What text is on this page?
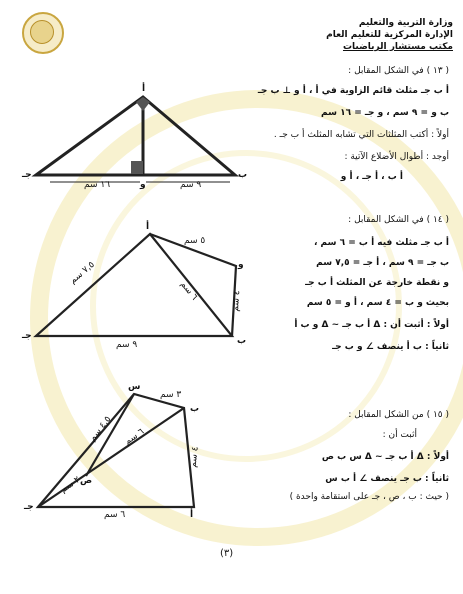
وزارة التربية والتعليم
الإدارة المركزية للتعليم العام
مكتب مستشار الرياضيات
( ١٣ ) في الشكل المقابل :
أ ب جـ مثلث قائم الزاوية في أ ، أ و ⊥ ب جـ
ب و = ٩ سم ، و جـ = ١٦ سم
أولاً : أكتب المثلثات التي تشابه المثلث أ ب جـ .
أوجد : أطوال الأضلاع الآتية :
أ ب ، أ جـ ، أ و
أ
جـ	ب
و
١٦ سم	٩ سم
( ١٤ ) في الشكل المقابل :
أ ب جـ مثلث فيه أ ب = ٦ سم ،
ب جـ = ٩ سم ، أ جـ = ٧,٥ سم
و نقطة خارجة عن المثلث أ ب جـ
بحيث و ب = ٤ سم ، أ و = ٥ سم
أولاً : أثبت أن : Δ أ ب جـ ~ Δ و ب أ
ثانياً : ب أ ينصف ∠ و ب جـ
أ
جـ	ب
و
٥ سم
٧,٥ سم
٦ سم	٤ سم
٩ سم
( ١٥ ) من الشكل المقابل :
أثبت أن :
أولاً : Δ أ ب جـ ~ Δ س ب ص
ثانياً : ب جـ ينصف ∠ أ ب س
( حيث : ب ، ص ، جـ على استقامة واحدة )
س
ب
جـ
أ
ص
٣ سم
٤,٥ سم
٦ سم
٤ سم
٢ سم
٦ سم
(٣)
